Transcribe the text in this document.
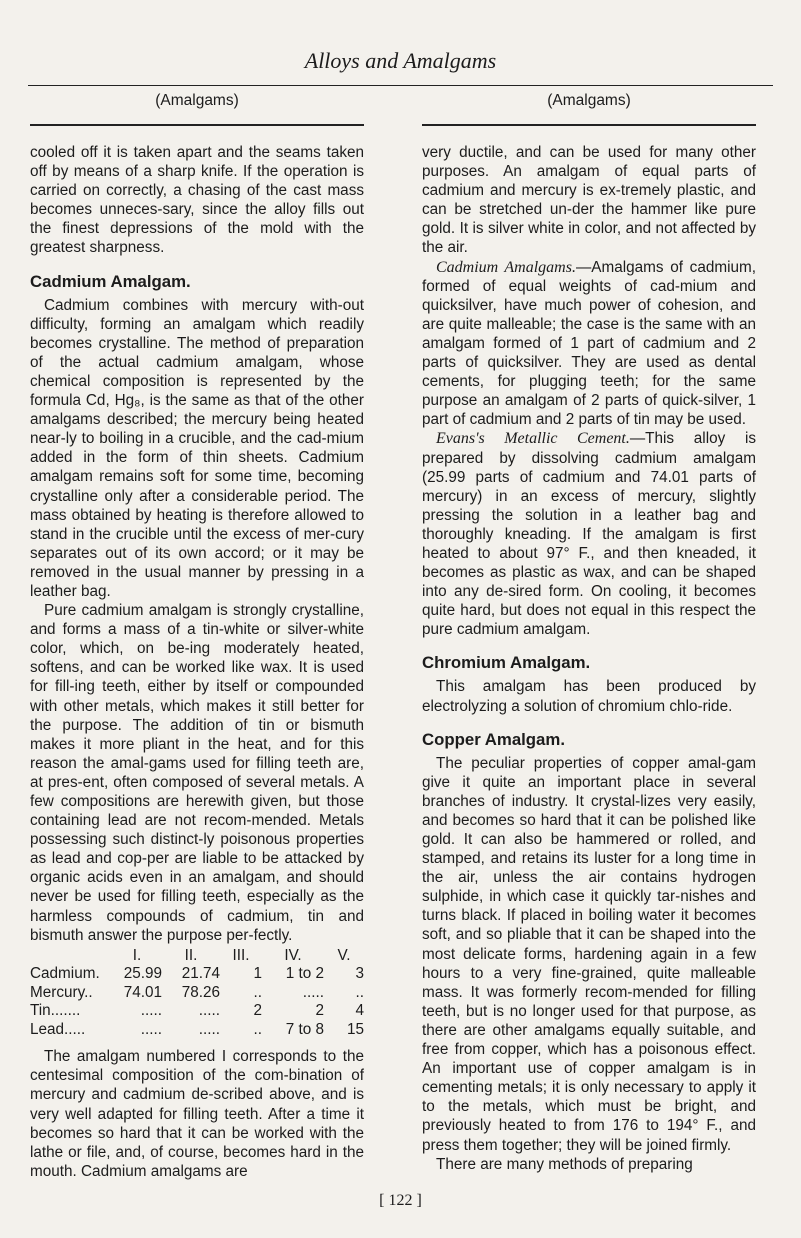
Alloys and Amalgams
(Amalgams)

cooled off it is taken apart and the seams taken off by means of a sharp knife. If the operation is carried on correctly, a chasing of the cast mass becomes unneces-sary, since the alloy fills out the finest depressions of the mold with the greatest sharpness.

Cadmium Amalgam.

Cadmium combines with mercury with-out difficulty, forming an amalgam which readily becomes crystalline. The method of preparation of the actual cadmium amalgam, whose chemical composition is represented by the formula Cd, Hg₈, is the same as that of the other amalgams described; the mercury being heated near-ly to boiling in a crucible, and the cad-mium added in the form of thin sheets. Cadmium amalgam remains soft for some time, becoming crystalline only after a considerable period. The mass obtained by heating is therefore allowed to stand in the crucible until the excess of mer-cury separates out of its own accord; or it may be removed in the usual manner by pressing in a leather bag.

Pure cadmium amalgam is strongly crystalline, and forms a mass of a tin-white or silver-white color, which, on be-ing moderately heated, softens, and can be worked like wax. It is used for fill-ing teeth, either by itself or compounded with other metals, which makes it still better for the purpose. The addition of tin or bismuth makes it more pliant in the heat, and for this reason the amal-gams used for filling teeth are, at pres-ent, often composed of several metals. A few compositions are herewith given, but those containing lead are not recom-mended. Metals possessing such distinct-ly poisonous properties as lead and cop-per are liable to be attacked by organic acids even in an amalgam, and should never be used for filling teeth, especially as the harmless compounds of cadmium, tin and bismuth answer the purpose per-fectly.

	I.	II.	III.	IV.	V.
Cadmium.	25.99	21.74	1	1 to 2	3
Mercury..	74.01	78.26	..	.....	..
Tin.......	.....	.....	2	2	4
Lead.....	.....	.....	..	7 to 8	15

The amalgam numbered I corresponds to the centesimal composition of the com-bination of mercury and cadmium de-scribed above, and is very well adapted for filling teeth. After a time it becomes so hard that it can be worked with the lathe or file, and, of course, becomes hard in the mouth. Cadmium amalgams are

(Amalgams)

very ductile, and can be used for many other purposes. An amalgam of equal parts of cadmium and mercury is ex-tremely plastic, and can be stretched un-der the hammer like pure gold. It is silver white in color, and not affected by the air.

Cadmium Amalgams.—Amalgams of cadmium, formed of equal weights of cad-mium and quicksilver, have much power of cohesion, and are quite malleable; the case is the same with an amalgam formed of 1 part of cadmium and 2 parts of quicksilver. They are used as dental cements, for plugging teeth; for the same purpose an amalgam of 2 parts of quick-silver, 1 part of cadmium and 2 parts of tin may be used.

Evans's Metallic Cement.—This alloy is prepared by dissolving cadmium amalgam (25.99 parts of cadmium and 74.01 parts of mercury) in an excess of mercury, slightly pressing the solution in a leather bag and thoroughly kneading. If the amalgam is first heated to about 97° F., and then kneaded, it becomes as plastic as wax, and can be shaped into any de-sired form. On cooling, it becomes quite hard, but does not equal in this respect the pure cadmium amalgam.

Chromium Amalgam.

This amalgam has been produced by electrolyzing a solution of chromium chlo-ride.

Copper Amalgam.

The peculiar properties of copper amal-gam give it quite an important place in several branches of industry. It crystal-lizes very easily, and becomes so hard that it can be polished like gold. It can also be hammered or rolled, and stamped, and retains its luster for a long time in the air, unless the air contains hydrogen sulphide, in which case it quickly tar-nishes and turns black. If placed in boiling water it becomes soft, and so pliable that it can be shaped into the most delicate forms, hardening again in a few hours to a very fine-grained, quite malleable mass. It was formerly recom-mended for filling teeth, but is no longer used for that purpose, as there are other amalgams equally suitable, and free from copper, which has a poisonous effect. An important use of copper amalgam is in cementing metals; it is only necessary to apply it to the metals, which must be bright, and previously heated to from 176 to 194° F., and press them together; they will be joined firmly.

There are many methods of preparing

[ 122 ]
